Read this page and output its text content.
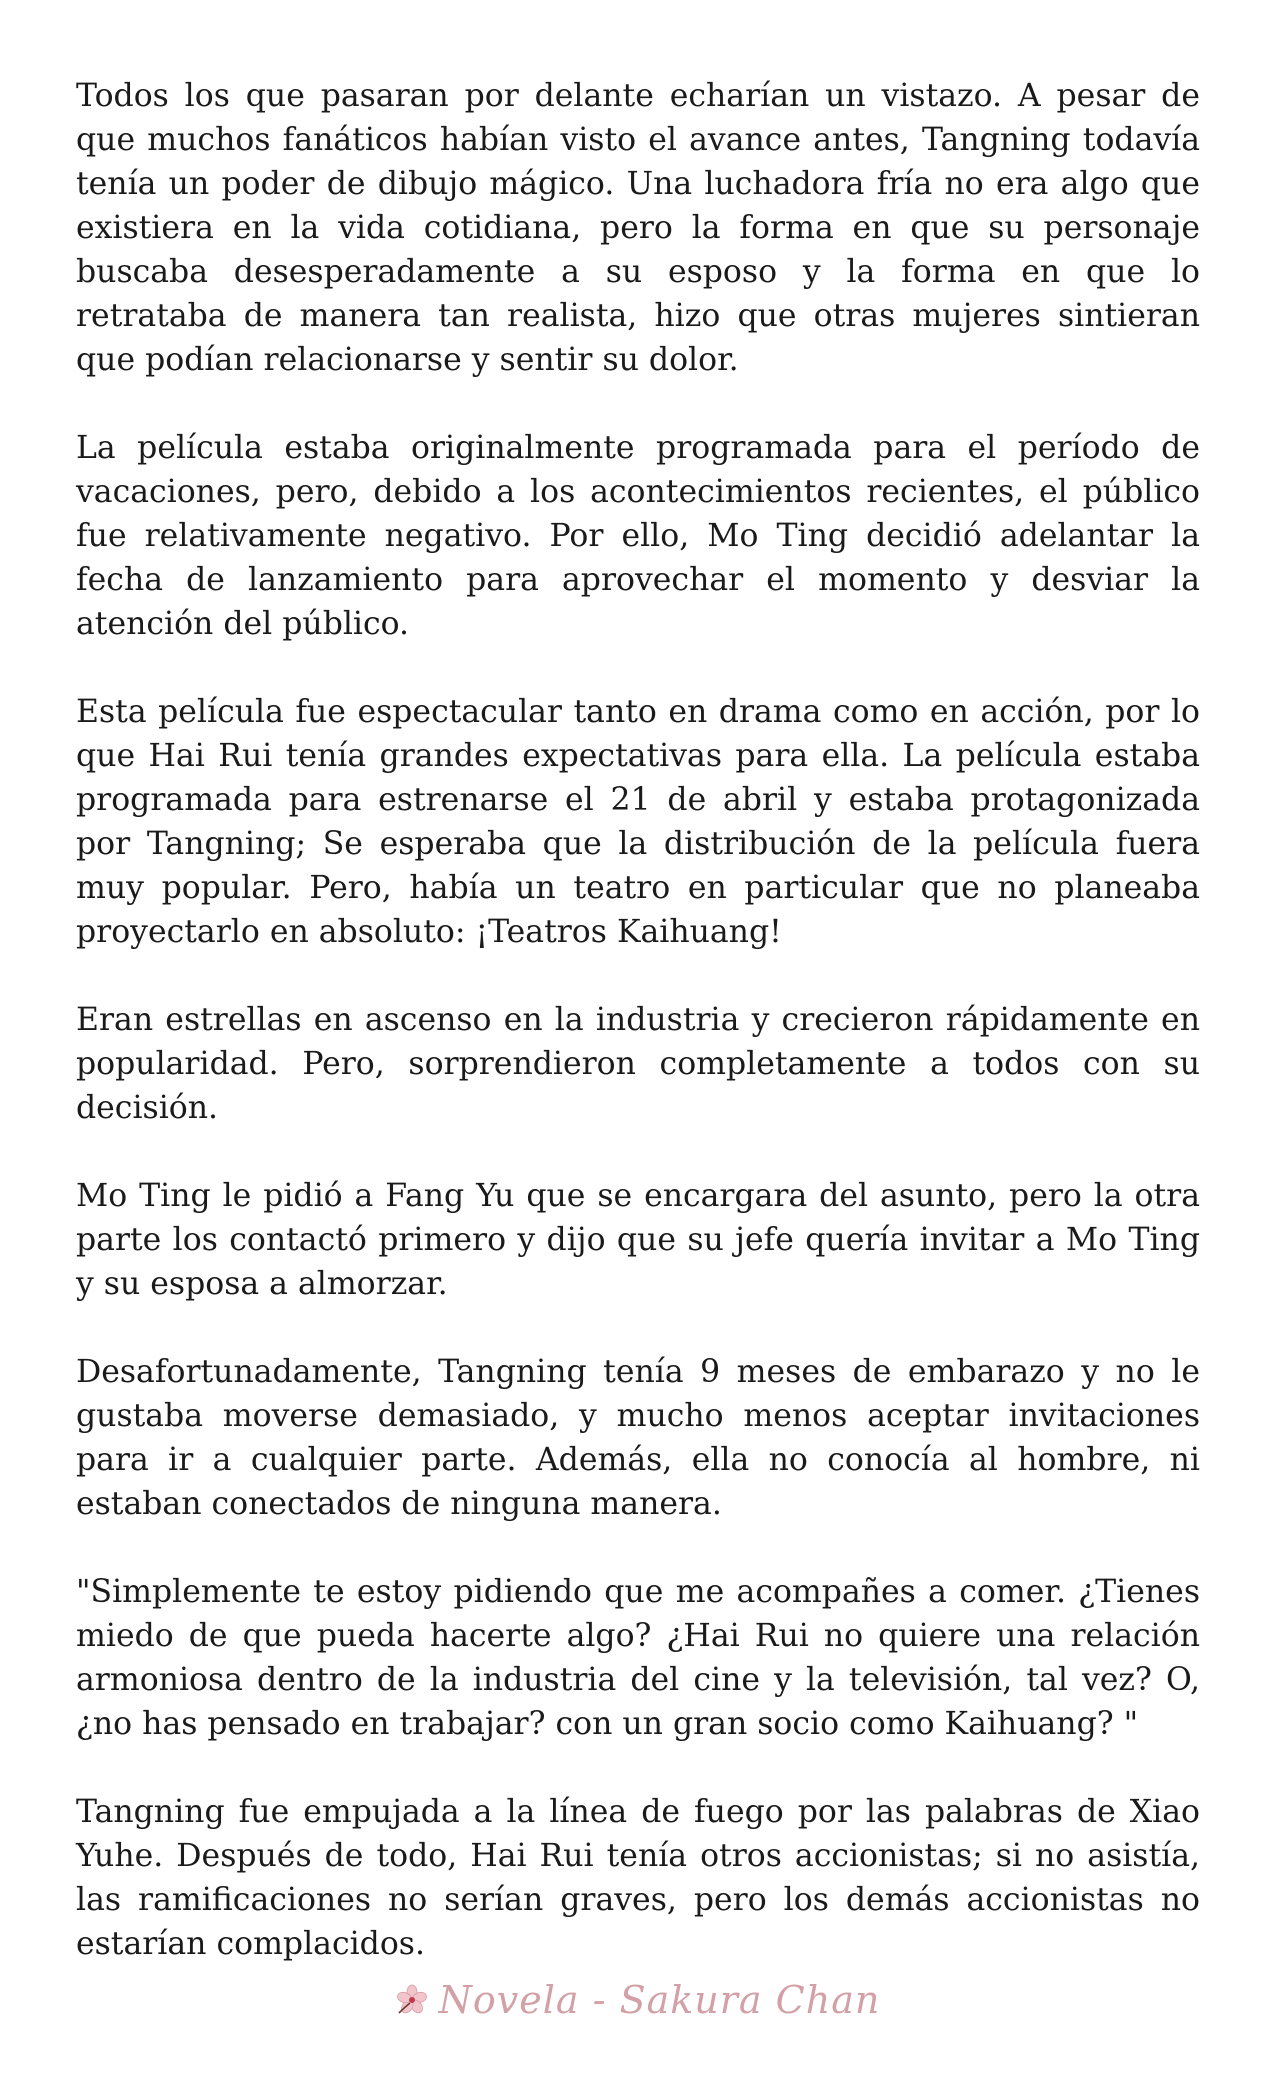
Todos los que pasaran por delante echarían un vistazo. A pesar de que muchos fanáticos habían visto el avance antes, Tangning todavía tenía un poder de dibujo mágico. Una luchadora fría no era algo que existiera en la vida cotidiana, pero la forma en que su personaje buscaba desesperadamente a su esposo y la forma en que lo retrataba de manera tan realista, hizo que otras mujeres sintieran que podían relacionarse y sentir su dolor.

La película estaba originalmente programada para el período de vacaciones, pero, debido a los acontecimientos recientes, el público fue relativamente negativo. Por ello, Mo Ting decidió adelantar la fecha de lanzamiento para aprovechar el momento y desviar la atención del público.

Esta película fue espectacular tanto en drama como en acción, por lo que Hai Rui tenía grandes expectativas para ella. La película estaba programada para estrenarse el 21 de abril y estaba protagonizada por Tangning; Se esperaba que la distribución de la película fuera muy popular. Pero, había un teatro en particular que no planeaba proyectarlo en absoluto: ¡Teatros Kaihuang!

Eran estrellas en ascenso en la industria y crecieron rápidamente en popularidad. Pero, sorprendieron completamente a todos con su decisión.

Mo Ting le pidió a Fang Yu que se encargara del asunto, pero la otra parte los contactó primero y dijo que su jefe quería invitar a Mo Ting y su esposa a almorzar.

Desafortunadamente, Tangning tenía 9 meses de embarazo y no le gustaba moverse demasiado, y mucho menos aceptar invitaciones para ir a cualquier parte. Además, ella no conocía al hombre, ni estaban conectados de ninguna manera.

"Simplemente te estoy pidiendo que me acompañes a comer. ¿Tienes miedo de que pueda hacerte algo? ¿Hai Rui no quiere una relación armoniosa dentro de la industria del cine y la televisión, tal vez? O, ¿no has pensado en trabajar? con un gran socio como Kaihuang? "

Tangning fue empujada a la línea de fuego por las palabras de Xiao Yuhe. Después de todo, Hai Rui tenía otros accionistas; si no asistía, las ramificaciones no serían graves, pero los demás accionistas no estarían complacidos.

Novela - Sakura Chan
